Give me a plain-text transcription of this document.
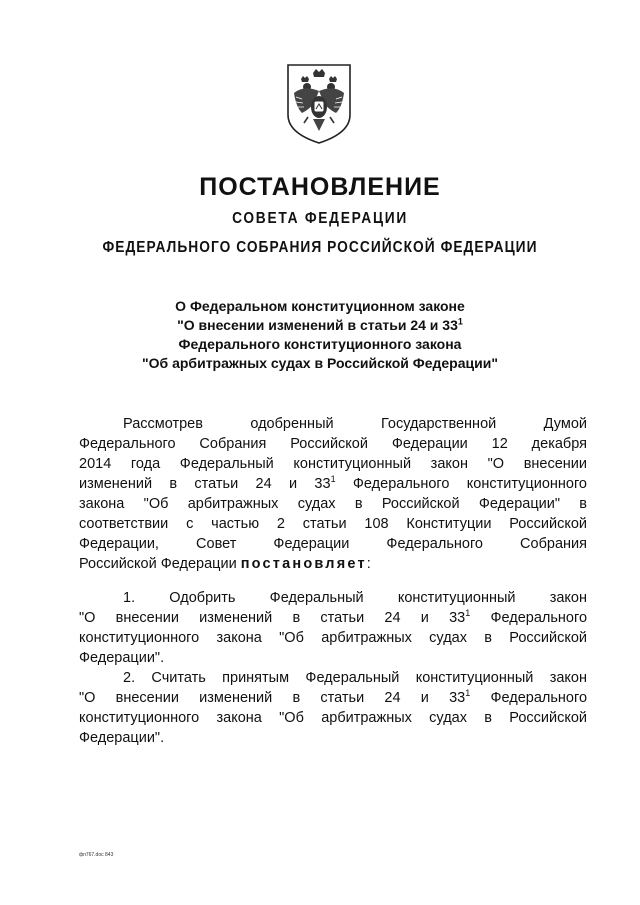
ПОСТАНОВЛЕНИЕ
СОВЕТА ФЕДЕРАЦИИ
ФЕДЕРАЛЬНОГО СОБРАНИЯ РОССИЙСКОЙ ФЕДЕРАЦИИ
О Федеральном конституционном законе
"О внесении изменений в статьи 24 и $33^1$
Федерального конституционного закона
"Об арбитражных судах в Российской Федерации"
Рассмотрев одобренный Государственной Думой
Федерального Собрания Российской Федерации 12 декабря
2014 года Федеральный конституционный закон "О внесении
изменений в статьи 24 и $33^1$ Федерального конституционного
закона "Об арбитражных судах в Российской Федерации" в
соответствии с частью 2 статьи 108 Конституции Российской
Федерации, Совет Федерации Федерального Собрания
Российской Федерации постановляет:
1. Одобрить Федеральный конституционный закон
"О внесении изменений в статьи 24 и $33^1$ Федерального
конституционного закона "Об арбитражных судах в Российской
Федерации".
2. Считать принятым Федеральный конституционный закон
"О внесении изменений в статьи 24 и $33^1$ Федерального
конституционного закона "Об арбитражных судах в Российской
Федерации".
фп767.doc 843
